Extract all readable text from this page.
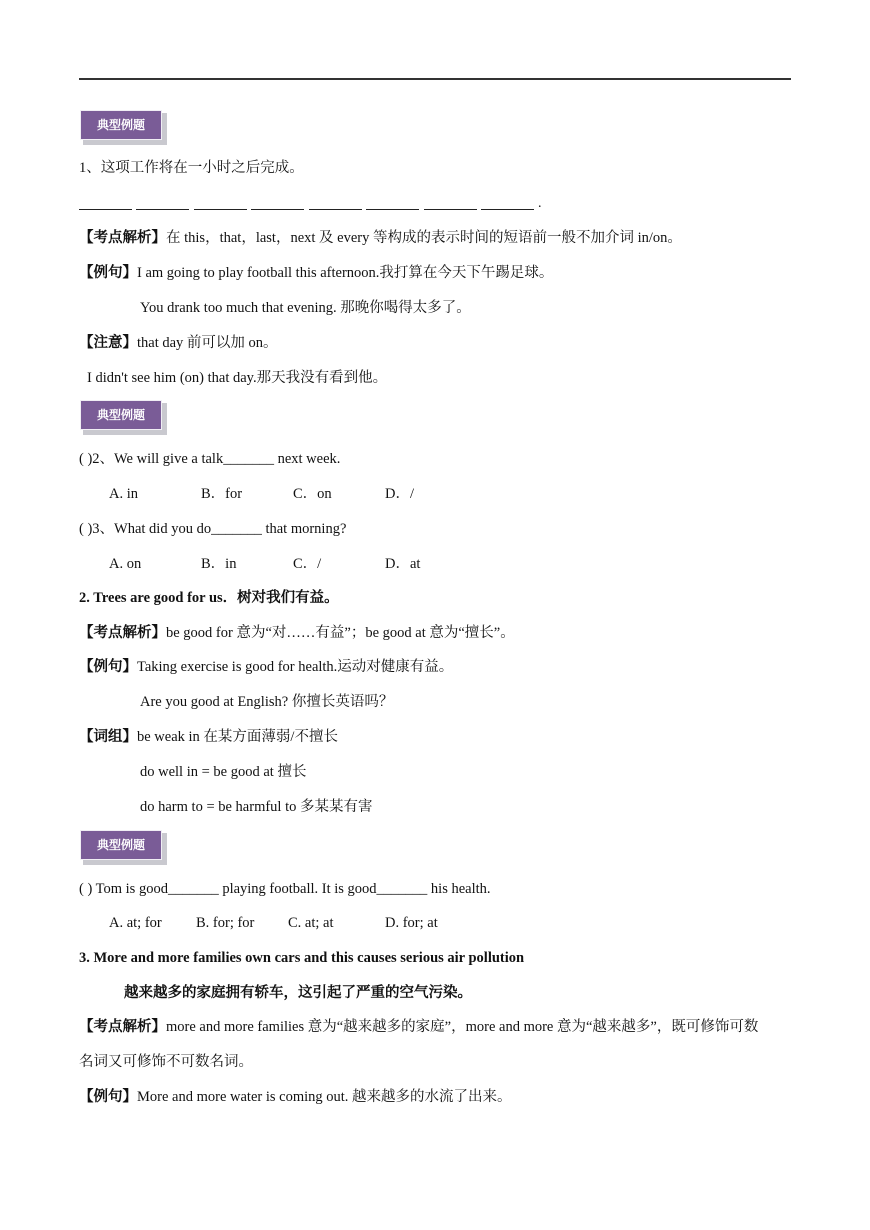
典型例题
1、这项工作将在一小时之后完成。
.
【考点解析】在 this，that，last，next 及 every 等构成的表示时间的短语前一般不加介词 in/on。
【例句】I am going to play football this afternoon.我打算在今天下午踢足球。
You drank too much that evening. 那晚你喝得太多了。
【注意】that day 前可以加 on。
I didn't see him (on) that day.那天我没有看到他。
典型例题
( )2、We will give a talk_______ next week.
A. in	B．for	C．on	D．/
( )3、What did you do_______ that morning?
A. on	B．in	C．/	D．at
2. Trees are good for us．树对我们有益。
【考点解析】be good for 意为“对……有益”；be good at 意为“擅长”。
【例句】Taking exercise is good for health.运动对健康有益。
Are you good at English? 你擅长英语吗？
【词组】be weak in 在某方面薄弱/不擅长
do well in = be good at 擅长
do harm to = be harmful to 多某某有害
典型例题
( ) Tom is good_______ playing football. It is good_______ his health.
A. at; for B. for; for C. at; at	D. for; at
3. More and more families own cars and this causes serious air pollution
越来越多的家庭拥有轿车，这引起了严重的空气污染。
【考点解析】more and more families 意为“越来越多的家庭”，more and more 意为“越来越多”，既可修饰可数
名词又可修饰不可数名词。
【例句】More and more water is coming out. 越来越多的水流了出来。
